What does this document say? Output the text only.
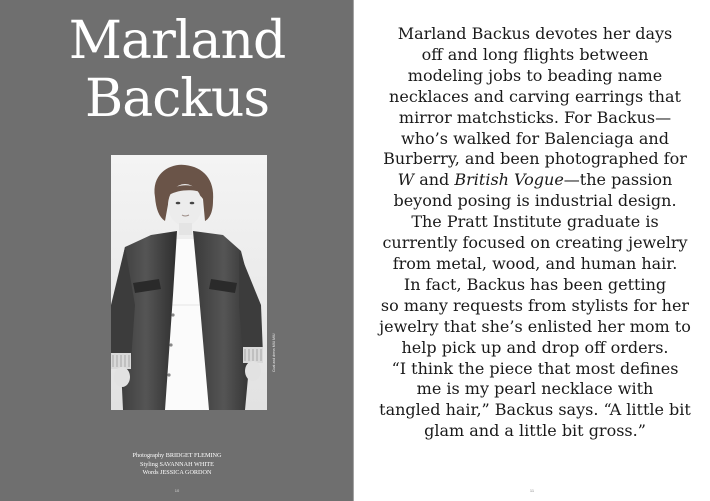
Marland
Backus
Coat and dress MIU MIU
Photography BRIDGET FLEMING
Styling SAVANNAH WHITE
Words JESSICA GORDON
10	11
Marland Backus devotes her days
off and long flights between
modeling jobs to beading name
necklaces and carving earrings that
mirror matchsticks. For Backus—
who’s walked for Balenciaga and
Burberry, and been photographed for
W and British Vogue—the passion
beyond posing is industrial design.
The Pratt Institute graduate is
currently focused on creating jewelry
from metal, wood, and human hair.
In fact, Backus has been getting
so many requests from stylists for her
jewelry that she’s enlisted her mom to
help pick up and drop off orders.
“I think the piece that most defines
me is my pearl necklace with
tangled hair,” Backus says. “A little bit
glam and a little bit gross.”
